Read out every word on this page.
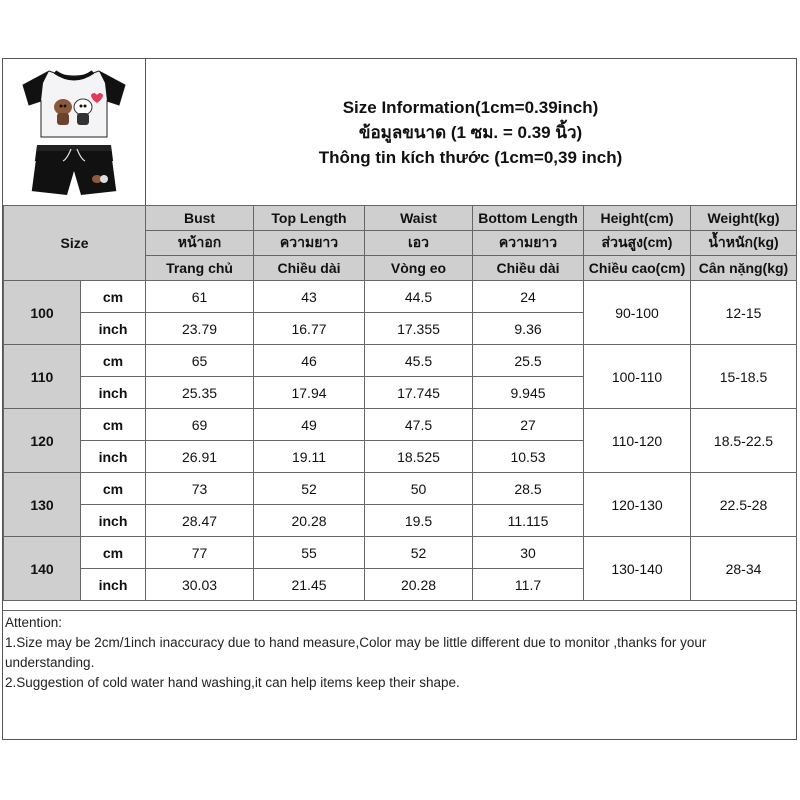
Size Information(1cm=0.39inch)
ข้อมูลขนาด (1 ซม. = 0.39 นิ้ว)
Thông tin kích thước (1cm=0,39 inch)
Size		Bust	Top Length	Waist	Bottom Length	Height(cm)	Weight(kg)
		หน้าอก	ความยาว	เอว	ความยาว	ส่วนสูง(cm)	น้ำหนัก(kg)
		Trang chủ	Chiều dài	Vòng eo	Chiều dài	Chiều cao(cm)	Cân nặng(kg)
100	cm	61	43	44.5	24	90-100	12-15
	inch	23.79	16.77	17.355	9.36		
110	cm	65	46	45.5	25.5	100-110	15-18.5
	inch	25.35	17.94	17.745	9.945		
120	cm	69	49	47.5	27	110-120	18.5-22.5
	inch	26.91	19.11	18.525	10.53		
130	cm	73	52	50	28.5	120-130	22.5-28
	inch	28.47	20.28	19.5	11.115		
140	cm	77	55	52	30	130-140	28-34
	inch	30.03	21.45	20.28	11.7		
Attention:
1.Size may be 2cm/1inch inaccuracy due to hand measure,Color may be little different due to monitor ,thanks for your understanding.
2.Suggestion of cold water hand washing,it can help items keep their shape.
